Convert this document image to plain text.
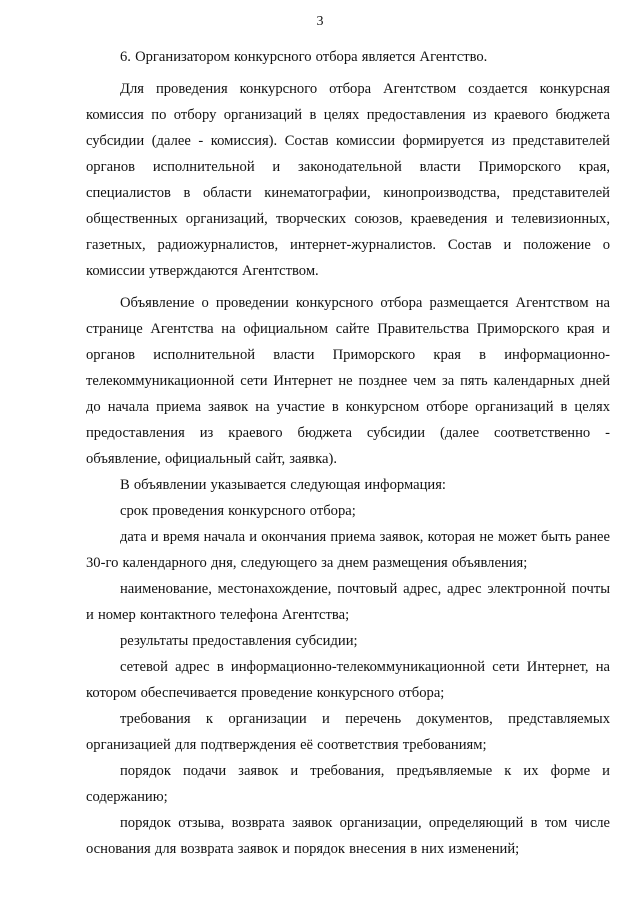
3

6. Организатором конкурсного отбора является Агентство.

Для проведения конкурсного отбора Агентством создается конкурсная комиссия по отбору организаций в целях предоставления из краевого бюджета субсидии (далее - комиссия). Состав комиссии формируется из представителей органов исполнительной и законодательной власти Приморского края, специалистов в области кинематографии, кинопроизводства, представителей общественных организаций, творческих союзов, краеведения и телевизионных, газетных, радиожурналистов, интернет-журналистов. Состав и положение о комиссии утверждаются Агентством.

Объявление о проведении конкурсного отбора размещается Агентством на странице Агентства на официальном сайте Правительства Приморского края и органов исполнительной власти Приморского края в информационно-телекоммуникационной сети Интернет не позднее чем за пять календарных дней до начала приема заявок на участие в конкурсном отборе организаций в целях предоставления из краевого бюджета субсидии (далее соответственно - объявление, официальный сайт, заявка).

В объявлении указывается следующая информация:

срок проведения конкурсного отбора;

дата и время начала и окончания приема заявок, которая не может быть ранее 30-го календарного дня, следующего за днем размещения объявления;

наименование, местонахождение, почтовый адрес, адрес электронной почты и номер контактного телефона Агентства;

результаты предоставления субсидии;

сетевой адрес в информационно-телекоммуникационной сети Интернет, на котором обеспечивается проведение конкурсного отбора;

требования к организации и перечень документов, представляемых организацией для подтверждения её соответствия требованиям;

порядок подачи заявок и требования, предъявляемые к их форме и содержанию;

порядок отзыва, возврата заявок организации, определяющий в том числе основания для возврата заявок и порядок внесения в них изменений;
